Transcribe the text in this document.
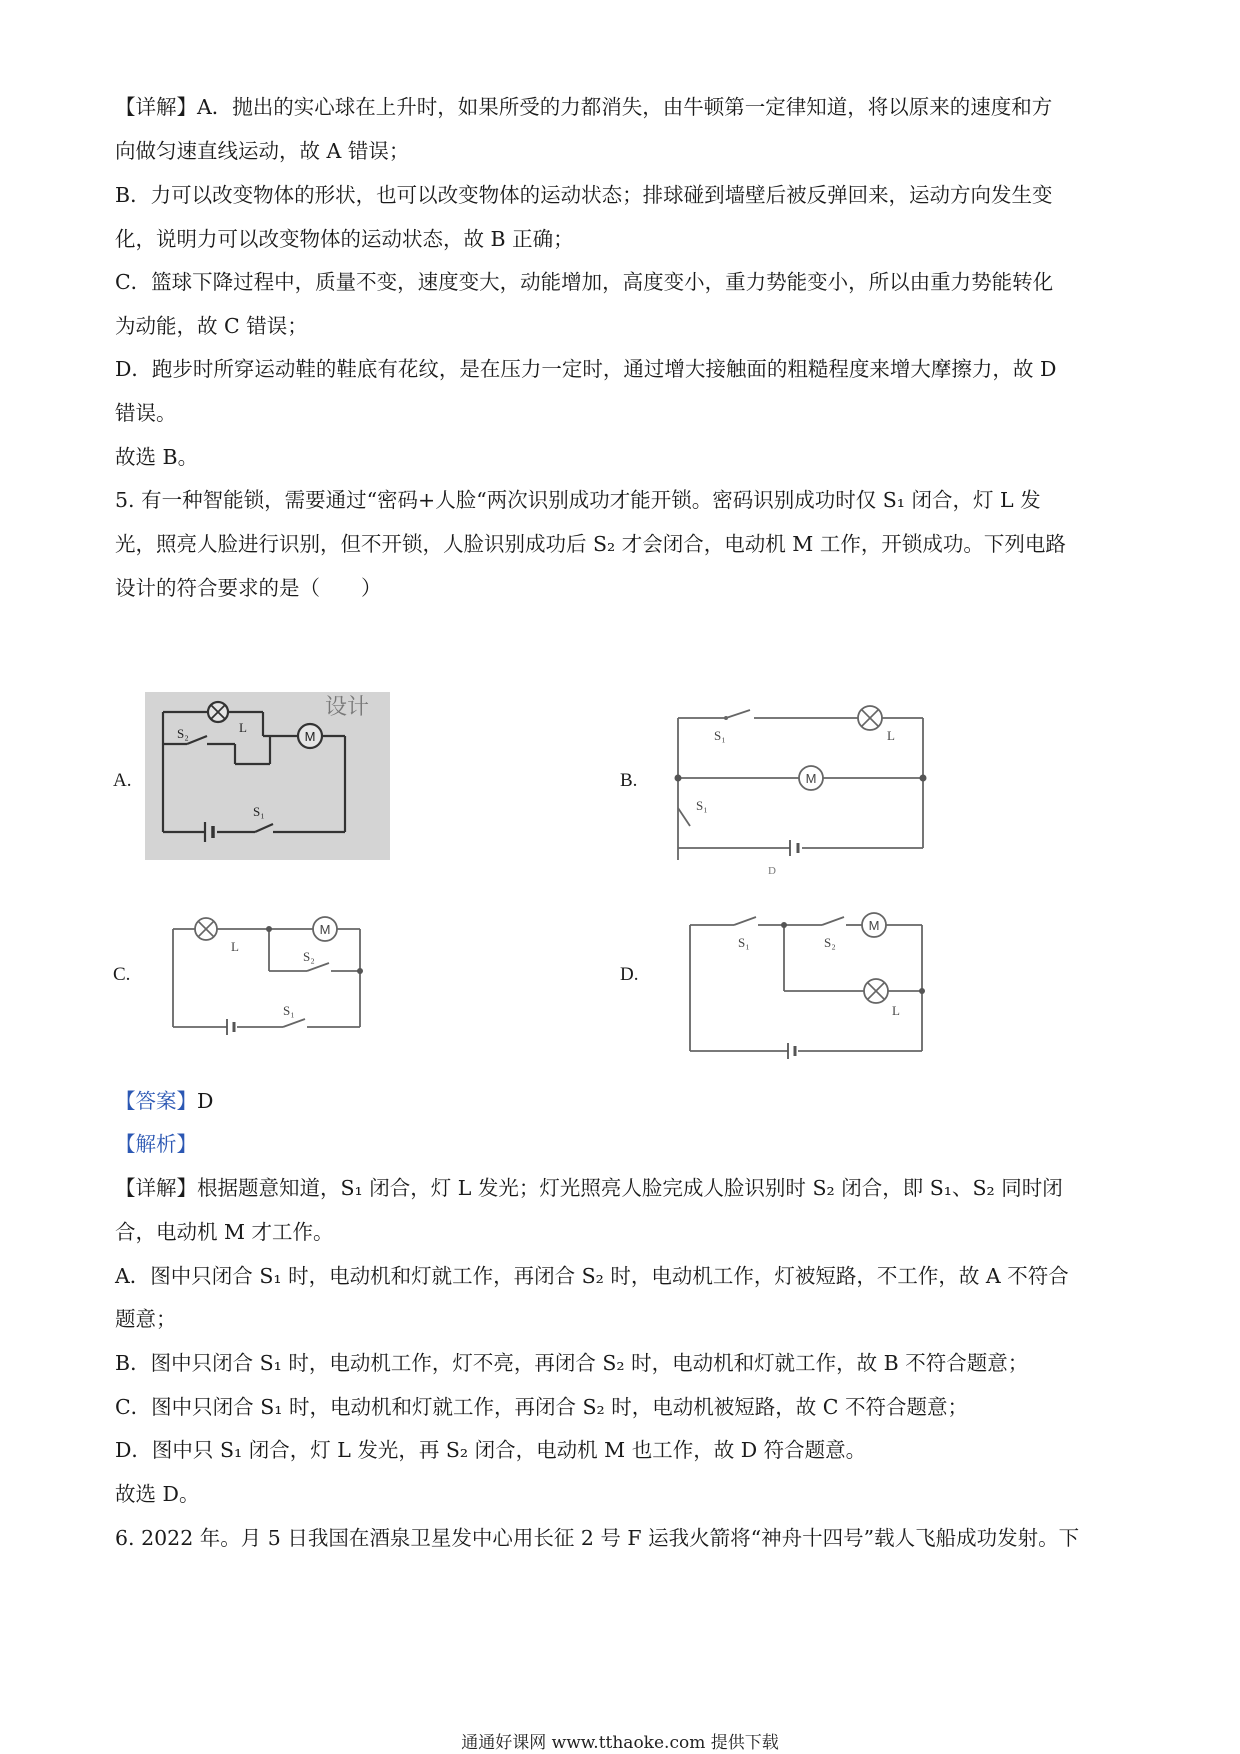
【详解】A．抛出的实心球在上升时，如果所受的力都消失，由牛顿第一定律知道，将以原来的速度和方
向做匀速直线运动，故 A 错误；
B．力可以改变物体的形状，也可以改变物体的运动状态；排球碰到墙壁后被反弹回来，运动方向发生变
化，说明力可以改变物体的运动状态，故 B 正确；
C．篮球下降过程中，质量不变，速度变大，动能增加，高度变小，重力势能变小，所以由重力势能转化
为动能，故 C 错误；
D．跑步时所穿运动鞋的鞋底有花纹，是在压力一定时，通过增大接触面的粗糙程度来增大摩擦力，故 D
错误。
故选 B。
5. 有一种智能锁，需要通过“密码+人脸“两次识别成功才能开锁。密码识别成功时仅 S₁ 闭合，灯 L 发
光，照亮人脸进行识别，但不开锁，人脸识别成功后 S₂ 才会闭合，电动机 M 工作，开锁成功。下列电路
设计的符合要求的是（　　）
A.	B.
C.	D.
设计
M
S₂	L
S₁
M
S₁	L
S₁
D
M
L
S₂
S₁
M
S₁	S₂
L
【答案】D
【解析】
【详解】根据题意知道，S₁ 闭合，灯 L 发光；灯光照亮人脸完成人脸识别时 S₂ 闭合，即 S₁、S₂ 同时闭
合，电动机 M 才工作。
A．图中只闭合 S₁ 时，电动机和灯就工作，再闭合 S₂ 时，电动机工作，灯被短路，不工作，故 A 不符合
题意；
B．图中只闭合 S₁ 时，电动机工作，灯不亮，再闭合 S₂ 时，电动机和灯就工作，故 B 不符合题意；
C．图中只闭合 S₁ 时，电动机和灯就工作，再闭合 S₂ 时，电动机被短路，故 C 不符合题意；
D．图中只 S₁ 闭合，灯 L 发光，再 S₂ 闭合，电动机 M 也工作，故 D 符合题意。
故选 D。
6. 2022 年。月 5 日我国在酒泉卫星发中心用长征 2 号 F 运我火箭将“神舟十四号”载人飞船成功发射。下
通通好课网 www.tthaoke.com 提供下载
